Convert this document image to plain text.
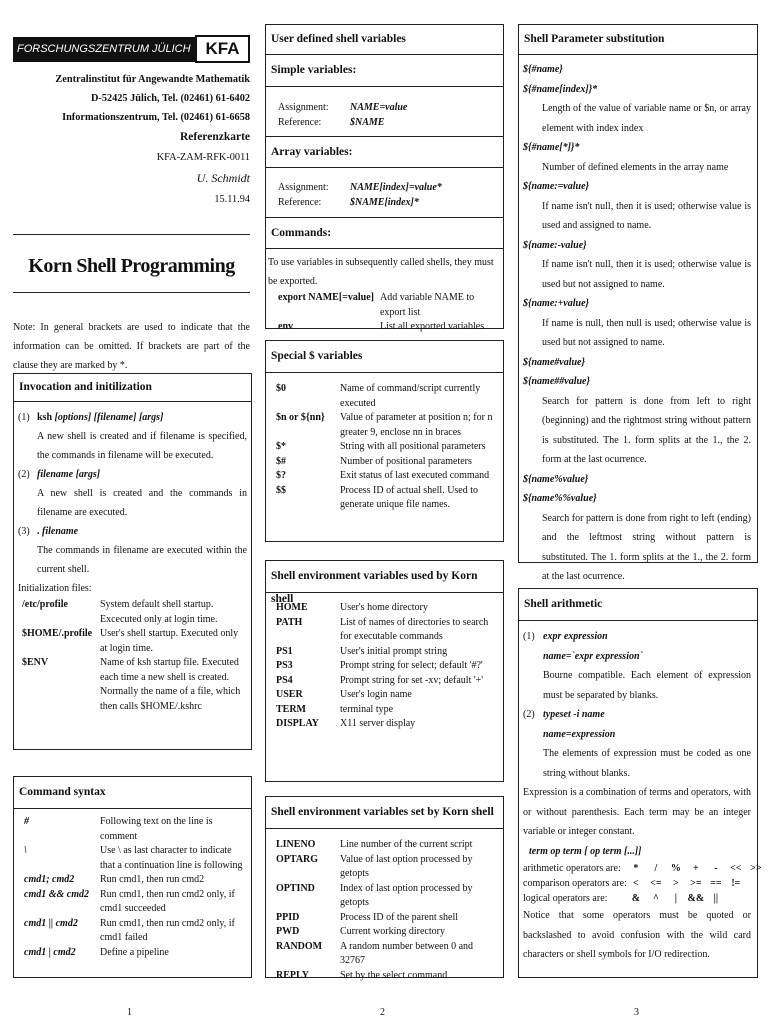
FORSCHUNGSZENTRUM JÜLICH GmbH
KFA
Zentralinstitut für Angewandte Mathematik
D-52425 Jülich, Tel. (02461) 61-6402
Informationszentrum, Tel. (02461) 61-6658
Referenzkarte
KFA-ZAM-RFK-0011
U. Schmidt
15.11.94
Korn Shell Programming
Note: In general brackets are used to indicate that the information can be omitted. If brackets are part of the clause they are marked by *.
Invocation and initilization
(1) ksh [options] [filename] [args]
A new shell is created and if filename is specified, the commands in filename will be executed.
(2) filename [args]
A new shell is created and the commands in filename are executed.
(3) . filename
The commands in filename are executed within the current shell.
Initialization files:
/etc/profile	System default shell startup. Excecuted only at login time.
$HOME/.profile	User's shell startup. Executed only at login time.
$ENV	Name of ksh startup file. Executed each time a new shell is created. Normally the name of a file, which then calls $HOME/.kshrc
Command syntax
#	Following text on the line is comment
\	Use \ as last character to indicate that a continuation line is following
cmd1; cmd2	Run cmd1, then run cmd2
cmd1 && cmd2	Run cmd1, then run cmd2 only, if cmd1 succeeded
cmd1 || cmd2	Run cmd1, then run cmd2 only, if cmd1 failed
cmd1 | cmd2	Define a pipeline
1
User defined shell variables
Simple variables:
Assignment:	NAME=value
Reference:	$NAME
Array variables:
Assignment:	NAME[index]=value*
Reference:	$NAME[index]*
Commands:
To use variables in subsequently called shells, they must be exported.
export NAME[=value]	Add variable NAME to export list
env	List all exported variables
Special $ variables
$0	Name of command/script currently executed
$n or ${nn}	Value of parameter at position n; for n greater 9, enclose nn in braces
$*	String with all positional parameters
$#	Number of positional parameters
$?	Exit status of last executed command
$$	Process ID of actual shell. Used to generate unique file names.
Shell environment variables used by Korn shell
HOME	User's home directory
PATH	List of names of directories to search for executable commands
PS1	User's initial prompt string
PS3	Prompt string for select; default '#?'
PS4	Prompt string for set -xv; default '+'
USER	User's login name
TERM	terminal type
DISPLAY	X11 server display
Shell environment variables set by Korn shell
LINENO	Line number of the current script
OPTARG	Value of last option processed by getopts
OPTIND	Index of last option processed by getopts
PPID	Process ID of the parent shell
PWD	Current working directory
RANDOM	A random number between 0 and 32767
REPLY	Set by the select command
2
Shell Parameter substitution
${#name}
${#name[index]}*
Length of the value of variable name or $n, or array element with index index
${#name[*]}*
Number of defined elements in the array name
${name:=value}
If name isn't null, then it is used; otherwise value is used and assigned to name.
${name:-value}
If name isn't null, then it is used; otherwise value is used but not assigned to name.
${name:+value}
If name is null, then null is used; otherwise value is used but not assigned to name.
${name#value}
${name##value}
Search for pattern is done from left to right (beginning) and the rightmost string without pattern is substituted. The 1. form splits at the 1., the 2. form at the last ocurrence.
${name%value}
${name%%value}
Search for pattern is done from right to left (ending) and the leftmost string without pattern is substituted. The 1. form splits at the 1., the 2. form at the last ocurrence.
Shell arithmetic
(1) expr expression
name=`expr expression`
Bourne compatible. Each element of expression must be separated by blanks.
(2) typeset -i name
name=expression
The elements of expression must be coded as one string without blanks.
Expression is a combination of terms and operators, with or without parenthesis. Each term may be an integer variable or integer constant.
term op term [ op term [...]]
arithmetic operators are:	* / % + - << >>
comparison operators are:	< <= > >= == !=
logical operators are:	& ^ | && ||
Notice that some operators must be quoted or backslashed to avoid confusion with the wild card characters or shell symbols for I/O redirection.
3
